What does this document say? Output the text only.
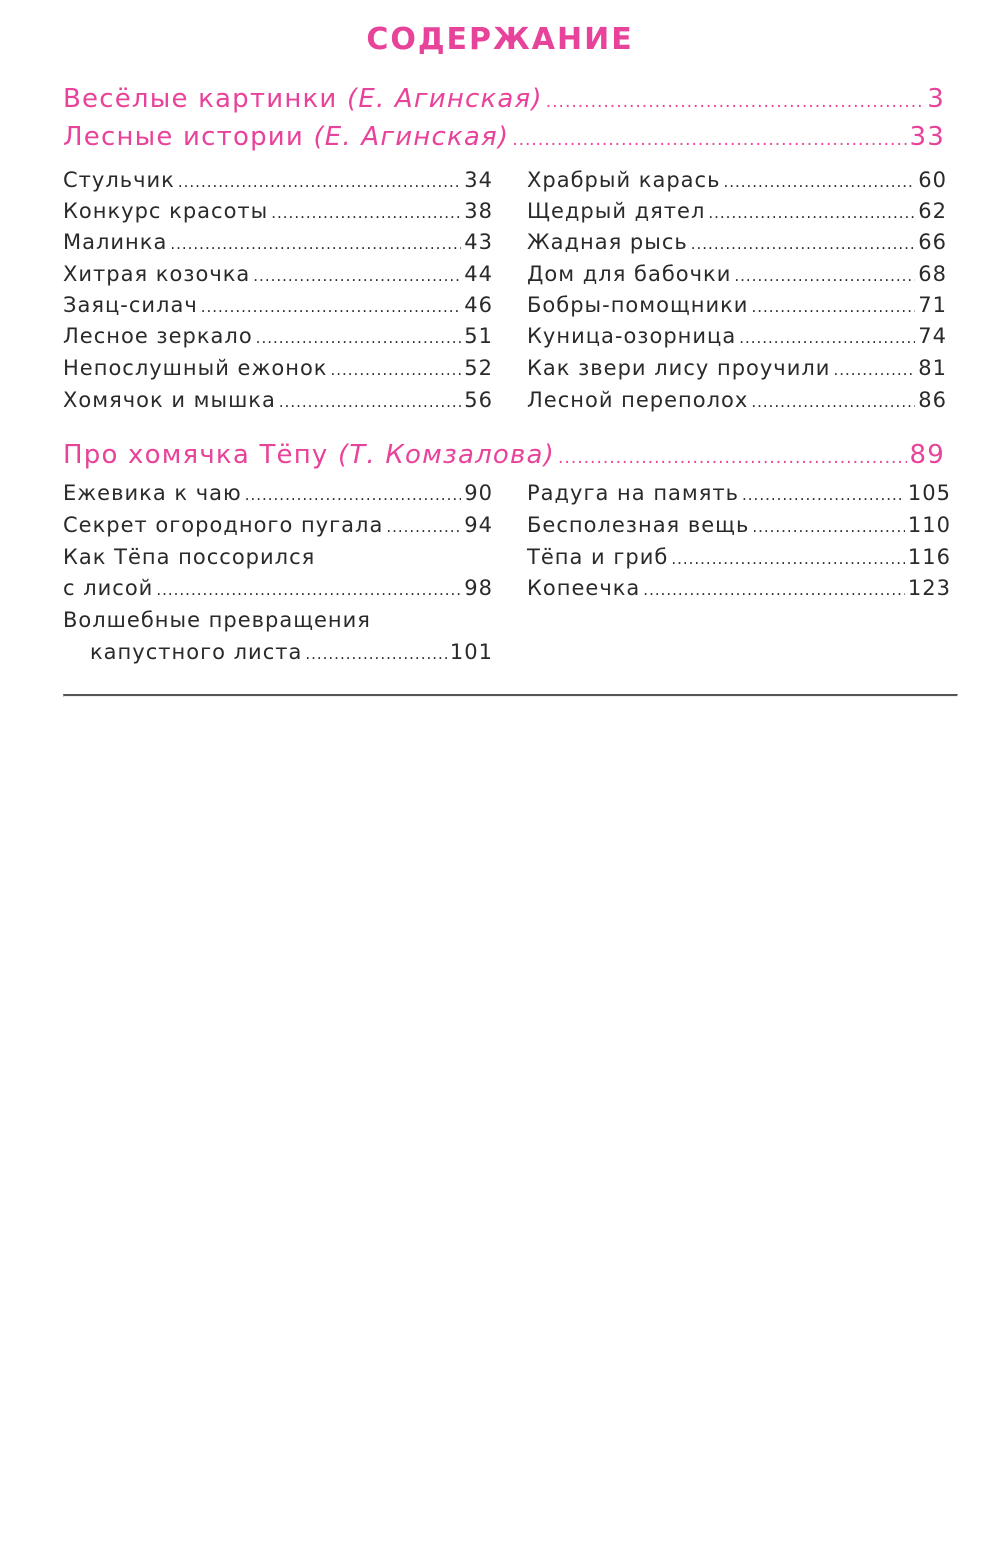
СОДЕРЖАНИЕ
Весёлые картинки (Е. Агинская) .....	3
Лесные истории (Е. Агинская) .....	33
Стульчик .....	34
Конкурс красоты .....	38
Малинка .....	43
Хитрая козочка .....	44
Заяц-силач .....	46
Лесное зеркало .....	51
Непослушный ежонок .....	52
Хомячок и мышка .....	56
Храбрый карась .....	60
Щедрый дятел .....	62
Жадная рысь .....	66
Дом для бабочки .....	68
Бобры-помощники .....	71
Куница-озорница .....	74
Как звери лису проучили .....	81
Лесной переполох .....	86
Про хомячка Тёпу (Т. Комзалова) .....	89
Ежевика к чаю .....	90
Секрет огородного пугала .....	94
Как Тёпа поссорился
с лисой .....	98
Волшебные превращения
капустного листа .....	101
Радуга на память .....	105
Бесполезная вещь .....	110
Тёпа и гриб .....	116
Копеечка .....	123
